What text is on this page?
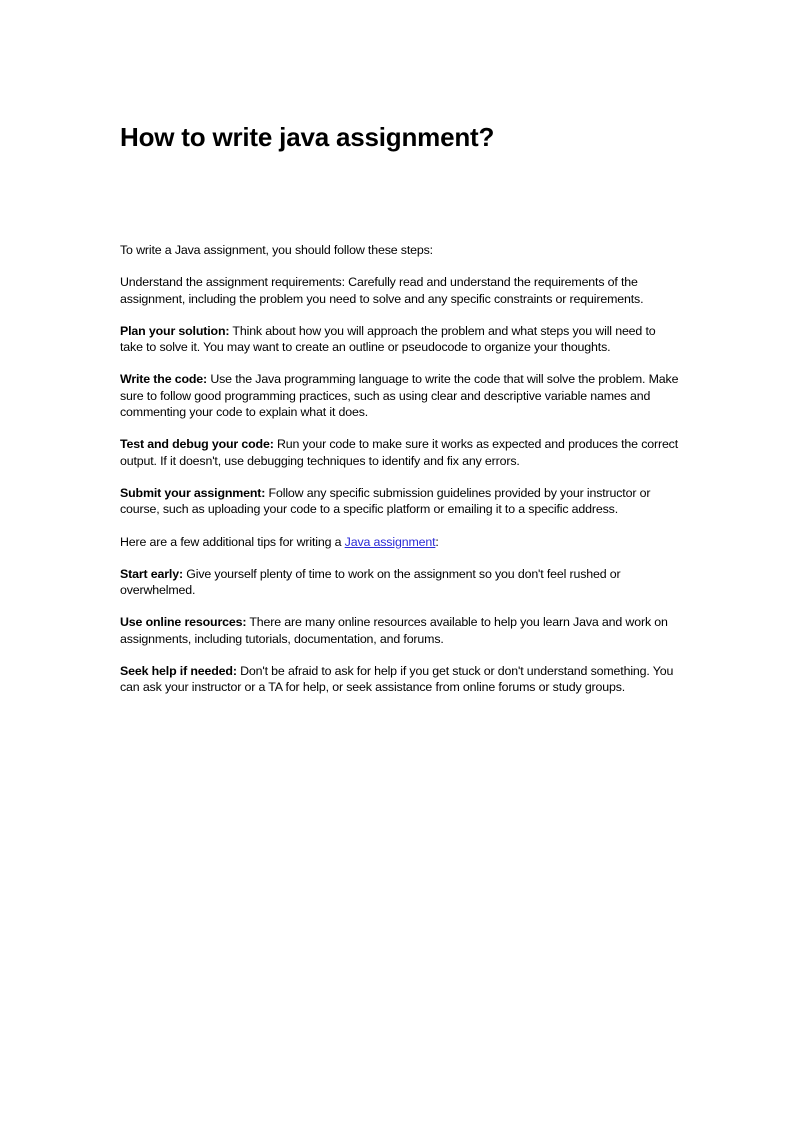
How to write java assignment?

To write a Java assignment, you should follow these steps:

Understand the assignment requirements: Carefully read and understand the requirements of the assignment, including the problem you need to solve and any specific constraints or requirements.

Plan your solution: Think about how you will approach the problem and what steps you will need to take to solve it. You may want to create an outline or pseudocode to organize your thoughts.

Write the code: Use the Java programming language to write the code that will solve the problem. Make sure to follow good programming practices, such as using clear and descriptive variable names and commenting your code to explain what it does.

Test and debug your code: Run your code to make sure it works as expected and produces the correct output. If it doesn't, use debugging techniques to identify and fix any errors.

Submit your assignment: Follow any specific submission guidelines provided by your instructor or course, such as uploading your code to a specific platform or emailing it to a specific address.

Here are a few additional tips for writing a Java assignment:

Start early: Give yourself plenty of time to work on the assignment so you don't feel rushed or overwhelmed.

Use online resources: There are many online resources available to help you learn Java and work on assignments, including tutorials, documentation, and forums.

Seek help if needed: Don't be afraid to ask for help if you get stuck or don't understand something. You can ask your instructor or a TA for help, or seek assistance from online forums or study groups.
